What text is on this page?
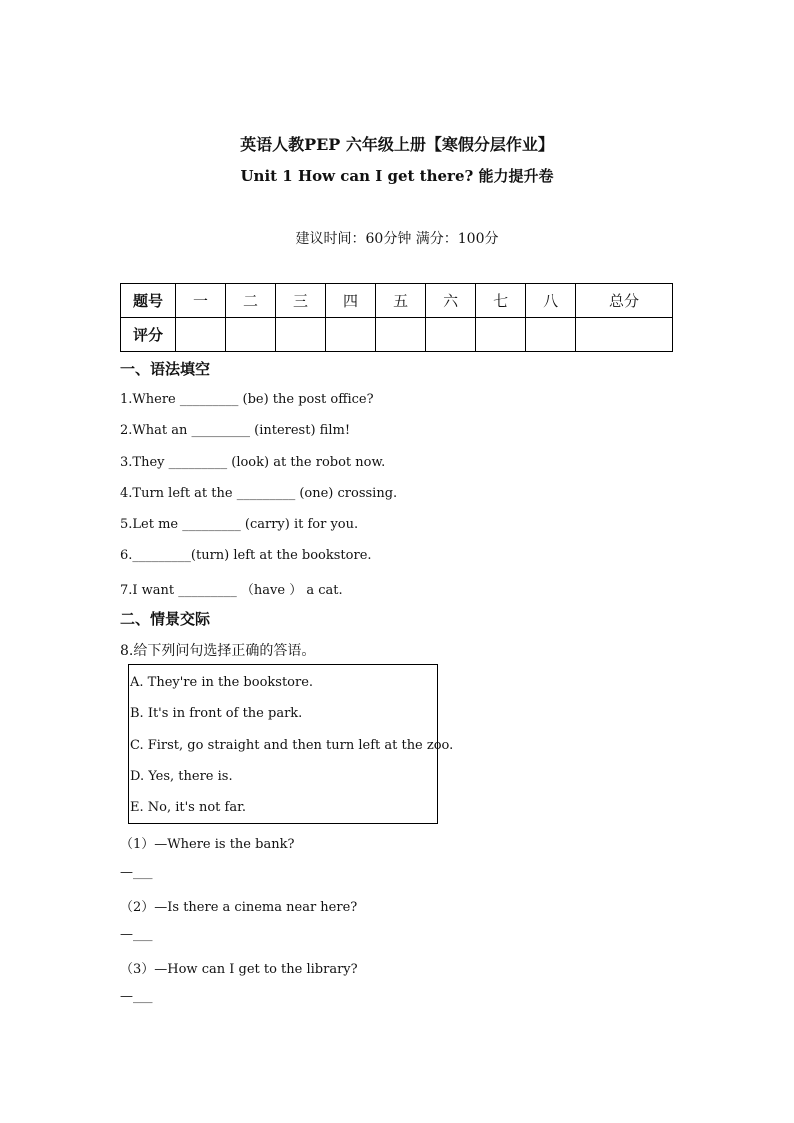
英语人教PEP 六年级上册【寒假分层作业】
Unit 1 How can I get there? 能力提升卷
建议时间：60分钟 满分：100分
题号	一	二	三	四	五	六	七	八	总分
评分									
一、语法填空
1.Where _________ (be) the post office?
2.What an _________ (interest) film!
3.They _________ (look) at the robot now.
4.Turn left at the _________ (one) crossing.
5.Let me _________ (carry) it for you.
6._________(turn) left at the bookstore.
7.I want _________ （have ） a cat.
二、情景交际
8.给下列问句选择正确的答语。
A. They're in the bookstore.
B. It's in front of the park.
C. First, go straight and then turn left at the zoo.
D. Yes, there is.
E. No, it's not far.
（1）—Where is the bank?
—___
（2）—Is there a cinema near here?
—___
（3）—How can I get to the library?
—___
